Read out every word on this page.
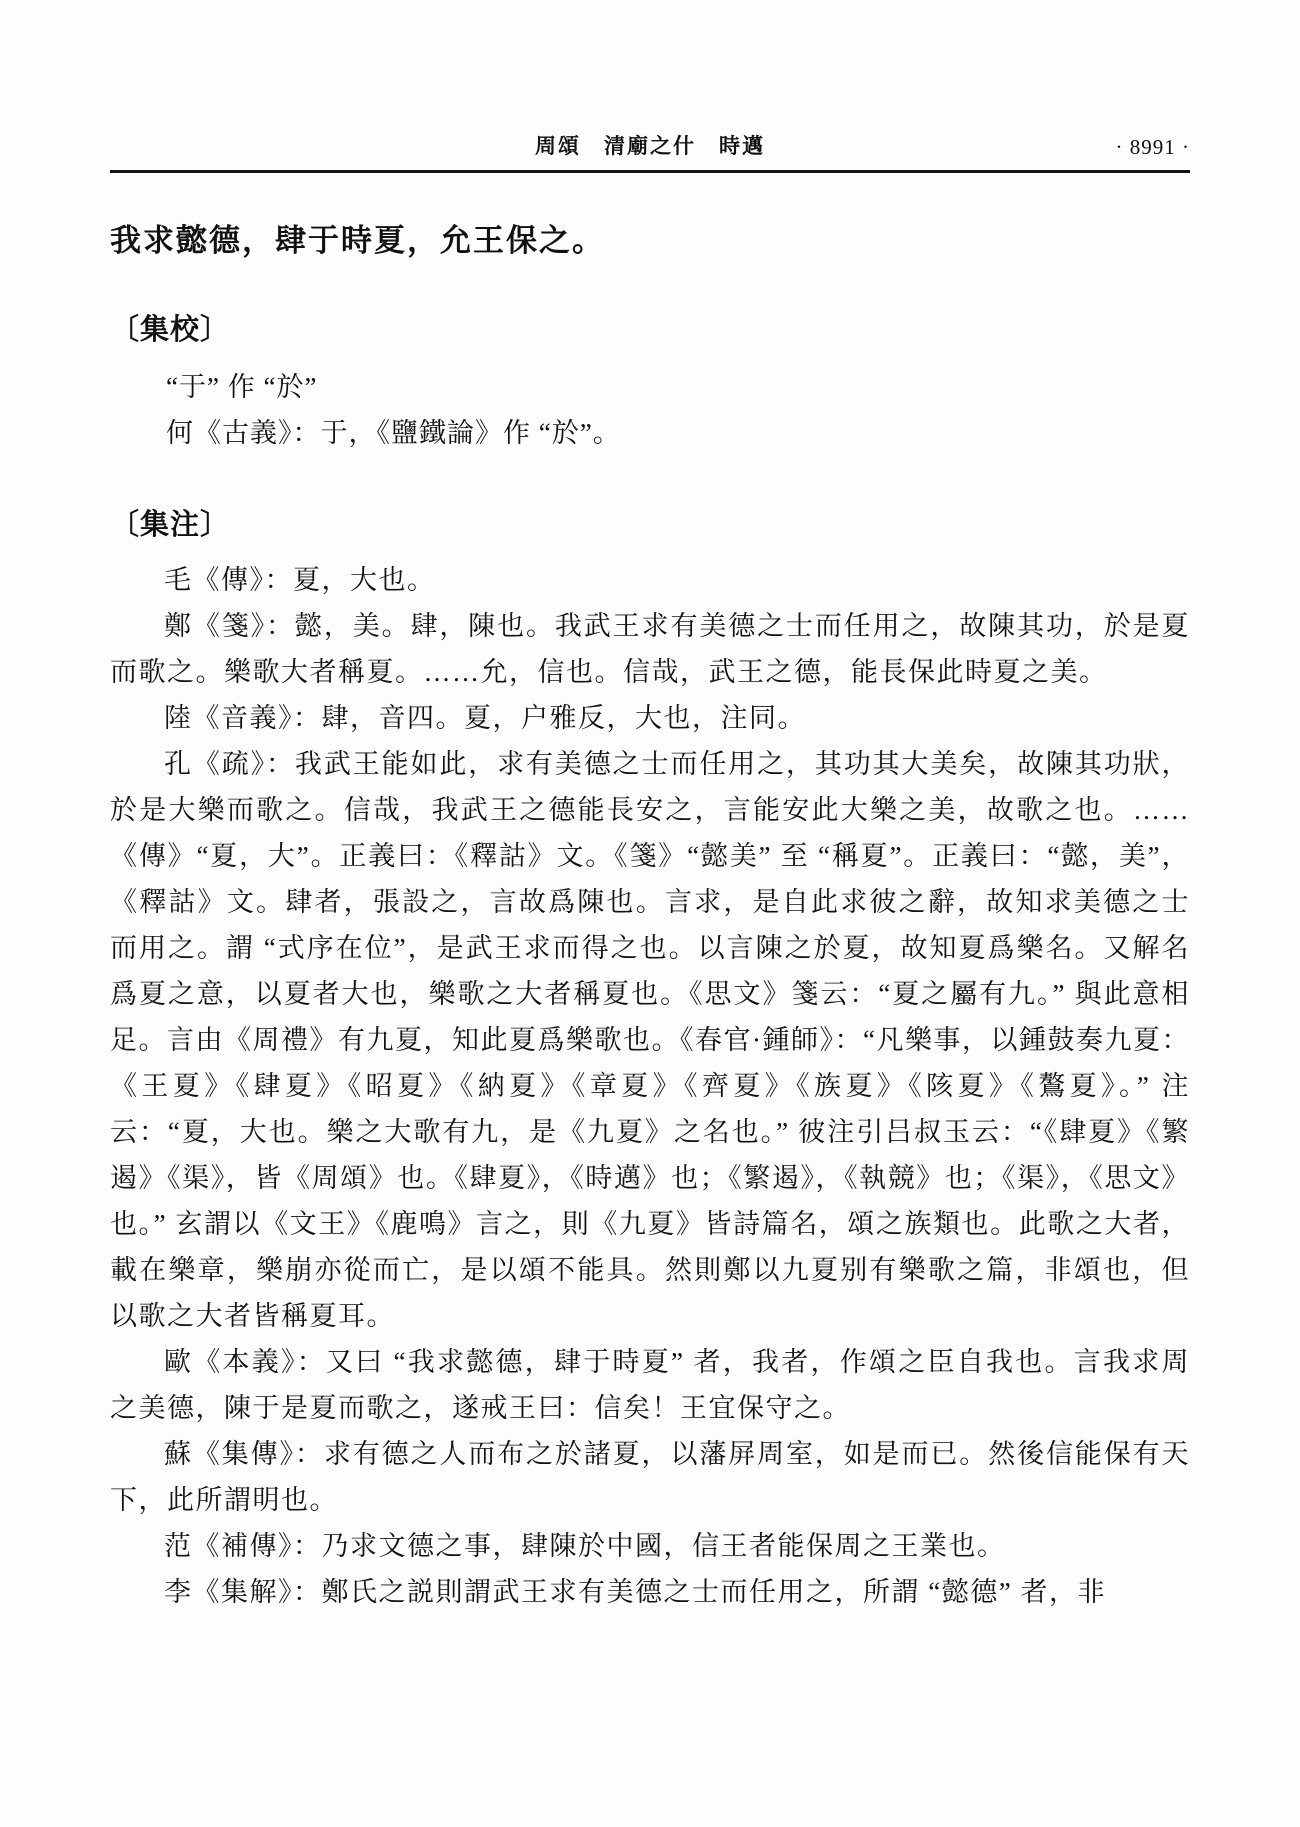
周頌　清廟之什　時邁	· 8991 ·
我求懿德，肆于時夏，允王保之。
〔集校〕

“于” 作 “於”

何《古義》：于，《鹽鐵論》作 “於”。

〔集注〕

毛《傳》：夏，大也。

鄭《箋》：懿，美。肆，陳也。我武王求有美德之士而任用之，故陳其功，於是夏而歌之。樂歌大者稱夏。……允，信也。信哉，武王之德，能長保此時夏之美。

陸《音義》：肆，音四。夏，户雅反，大也，注同。

孔《疏》：我武王能如此，求有美德之士而任用之，其功其大美矣，故陳其功狀，於是大樂而歌之。信哉，我武王之德能長安之，言能安此大樂之美，故歌之也。……《傳》“夏，大”。正義曰：《釋詁》文。《箋》“懿美” 至 “稱夏”。正義曰：“懿，美”，《釋詁》文。肆者，張設之，言故爲陳也。言求，是自此求彼之辭，故知求美德之士而用之。謂 “式序在位”，是武王求而得之也。以言陳之於夏，故知夏爲樂名。又解名爲夏之意，以夏者大也，樂歌之大者稱夏也。《思文》箋云：“夏之屬有九。” 與此意相足。言由《周禮》有九夏，知此夏爲樂歌也。《春官·鍾師》：“凡樂事，以鍾鼓奏九夏：《王夏》《肆夏》《昭夏》《納夏》《章夏》《齊夏》《族夏》《陔夏》《鷔夏》。” 注云：“夏，大也。樂之大歌有九，是《九夏》之名也。” 彼注引吕叔玉云：“《肆夏》《繁遏》《渠》，皆《周頌》也。《肆夏》，《時邁》也；《繁遏》，《執競》也；《渠》，《思文》也。” 玄謂以《文王》《鹿鳴》言之，則《九夏》皆詩篇名，頌之族類也。此歌之大者，載在樂章，樂崩亦從而亡，是以頌不能具。然則鄭以九夏别有樂歌之篇，非頌也，但以歌之大者皆稱夏耳。

歐《本義》：又曰 “我求懿德，肆于時夏” 者，我者，作頌之臣自我也。言我求周之美德，陳于是夏而歌之，遂戒王曰：信矣！王宜保守之。

蘇《集傳》：求有德之人而布之於諸夏，以藩屏周室，如是而已。然後信能保有天下，此所謂明也。

范《補傳》：乃求文德之事，肆陳於中國，信王者能保周之王業也。

李《集解》：鄭氏之説則謂武王求有美德之士而任用之，所謂 “懿德” 者，非
